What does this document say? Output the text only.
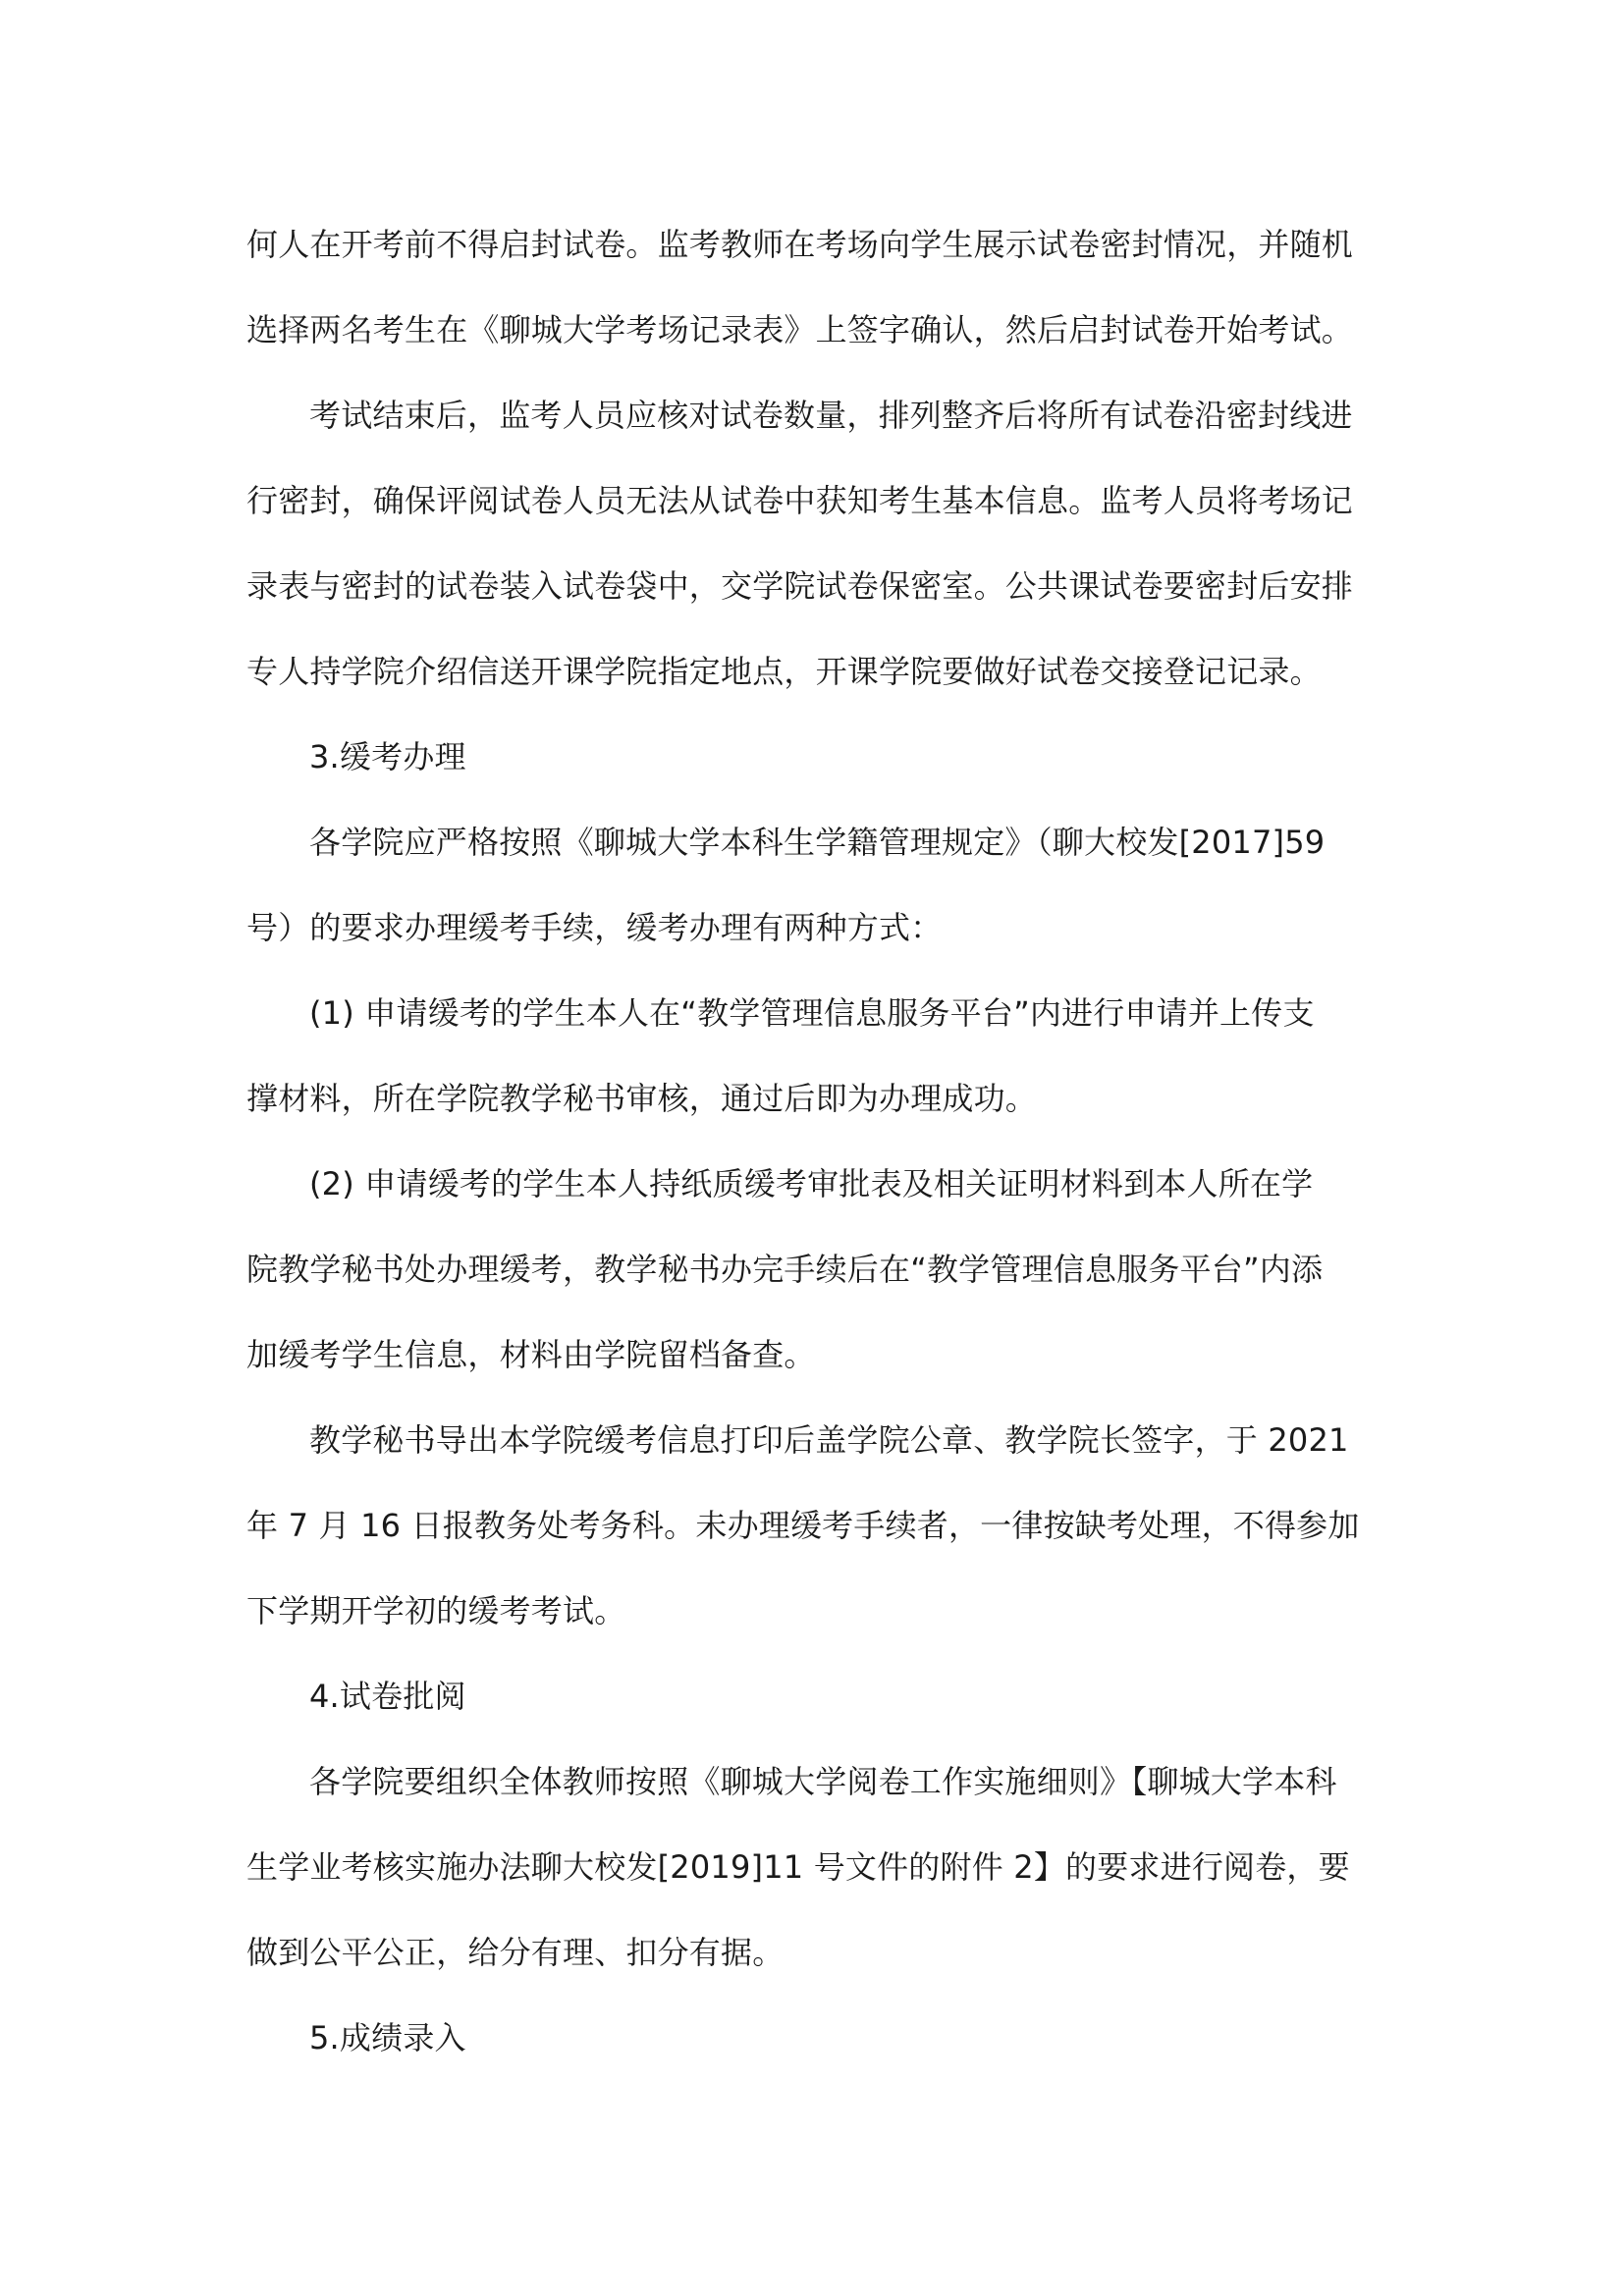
何人在开考前不得启封试卷。监考教师在考场向学生展示试卷密封情况，并随机
选择两名考生在《聊城大学考场记录表》上签字确认，然后启封试卷开始考试。
考试结束后，监考人员应核对试卷数量，排列整齐后将所有试卷沿密封线进
行密封，确保评阅试卷人员无法从试卷中获知考生基本信息。监考人员将考场记
录表与密封的试卷装入试卷袋中，交学院试卷保密室。公共课试卷要密封后安排
专人持学院介绍信送开课学院指定地点，开课学院要做好试卷交接登记记录。
3.缓考办理
各学院应严格按照《聊城大学本科生学籍管理规定》（聊大校发[2017]59
号）的要求办理缓考手续，缓考办理有两种方式：
(1) 申请缓考的学生本人在“教学管理信息服务平台”内进行申请并上传支
撑材料，所在学院教学秘书审核，通过后即为办理成功。
(2) 申请缓考的学生本人持纸质缓考审批表及相关证明材料到本人所在学
院教学秘书处办理缓考，教学秘书办完手续后在“教学管理信息服务平台”内添
加缓考学生信息，材料由学院留档备查。
教学秘书导出本学院缓考信息打印后盖学院公章、教学院长签字，于 2021
年 7 月 16 日报教务处考务科。未办理缓考手续者，一律按缺考处理，不得参加
下学期开学初的缓考考试。
4.试卷批阅
各学院要组织全体教师按照《聊城大学阅卷工作实施细则》【聊城大学本科
生学业考核实施办法聊大校发[2019]11 号文件的附件 2】的要求进行阅卷，要
做到公平公正，给分有理、扣分有据。
5.成绩录入
